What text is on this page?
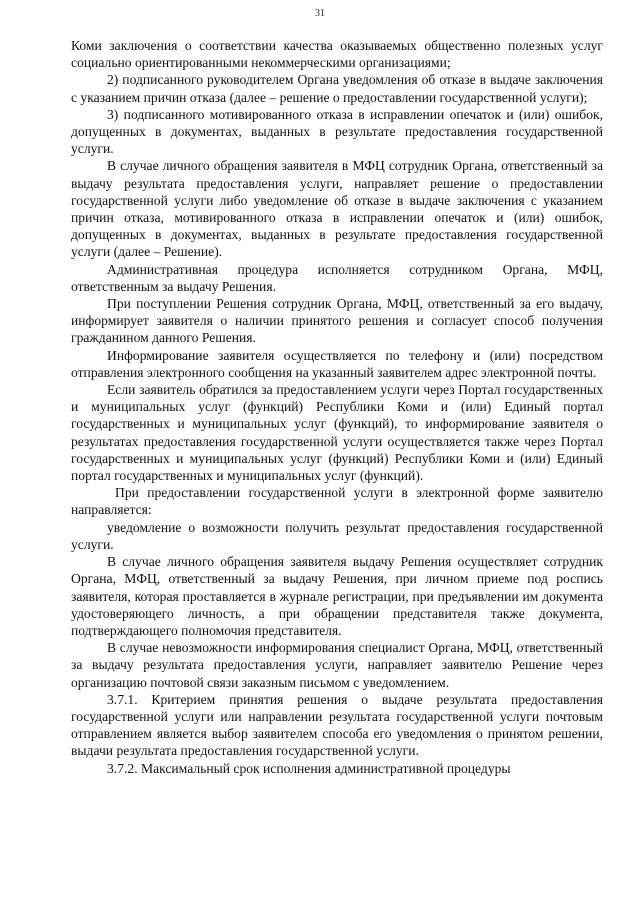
31

Коми заключения о соответствии качества оказываемых общественно полезных услуг социально ориентированными некоммерческими организациями;

2) подписанного руководителем Органа уведомления об отказе в выдаче заключения с указанием причин отказа (далее – решение о предоставлении государственной услуги);

3) подписанного мотивированного отказа в исправлении опечаток и (или) ошибок, допущенных в документах, выданных в результате предоставления государственной услуги.

В случае личного обращения заявителя в МФЦ сотрудник Органа, ответственный за выдачу результата предоставления услуги, направляет решение о предоставлении государственной услуги либо уведомление об отказе в выдаче заключения с указанием причин отказа, мотивированного отказа в исправлении опечаток и (или) ошибок, допущенных в документах, выданных в результате предоставления государственной услуги (далее – Решение).

Административная процедура исполняется сотрудником Органа, МФЦ, ответственным за выдачу Решения.

При поступлении Решения сотрудник Органа, МФЦ, ответственный за его выдачу, информирует заявителя о наличии принятого решения и согласует способ получения гражданином данного Решения.

Информирование заявителя осуществляется по телефону и (или) посредством отправления электронного сообщения на указанный заявителем адрес электронной почты.

Если заявитель обратился за предоставлением услуги через Портал государственных и муниципальных услуг (функций) Республики Коми и (или) Единый портал государственных и муниципальных услуг (функций), то информирование заявителя о результатах предоставления государственной услуги осуществляется также через Портал государственных и муниципальных услуг (функций) Республики Коми и (или) Единый портал государственных и муниципальных услуг (функций).

При предоставлении государственной услуги в электронной форме заявителю направляется:

уведомление о возможности получить результат предоставления государственной услуги.

В случае личного обращения заявителя выдачу Решения осуществляет сотрудник Органа, МФЦ, ответственный за выдачу Решения, при личном приеме под роспись заявителя, которая проставляется в журнале регистрации, при предъявлении им документа удостоверяющего личность, а при обращении представителя также документа, подтверждающего полномочия представителя.

В случае невозможности информирования специалист Органа, МФЦ, ответственный за выдачу результата предоставления услуги, направляет заявителю Решение через организацию почтовой связи заказным письмом с уведомлением.

3.7.1. Критерием принятия решения о выдаче результата предоставления государственной услуги или направлении результата государственной услуги почтовым отправлением является выбор заявителем способа его уведомления о принятом решении, выдачи результата предоставления государственной услуги.

3.7.2. Максимальный срок исполнения административной процедуры
